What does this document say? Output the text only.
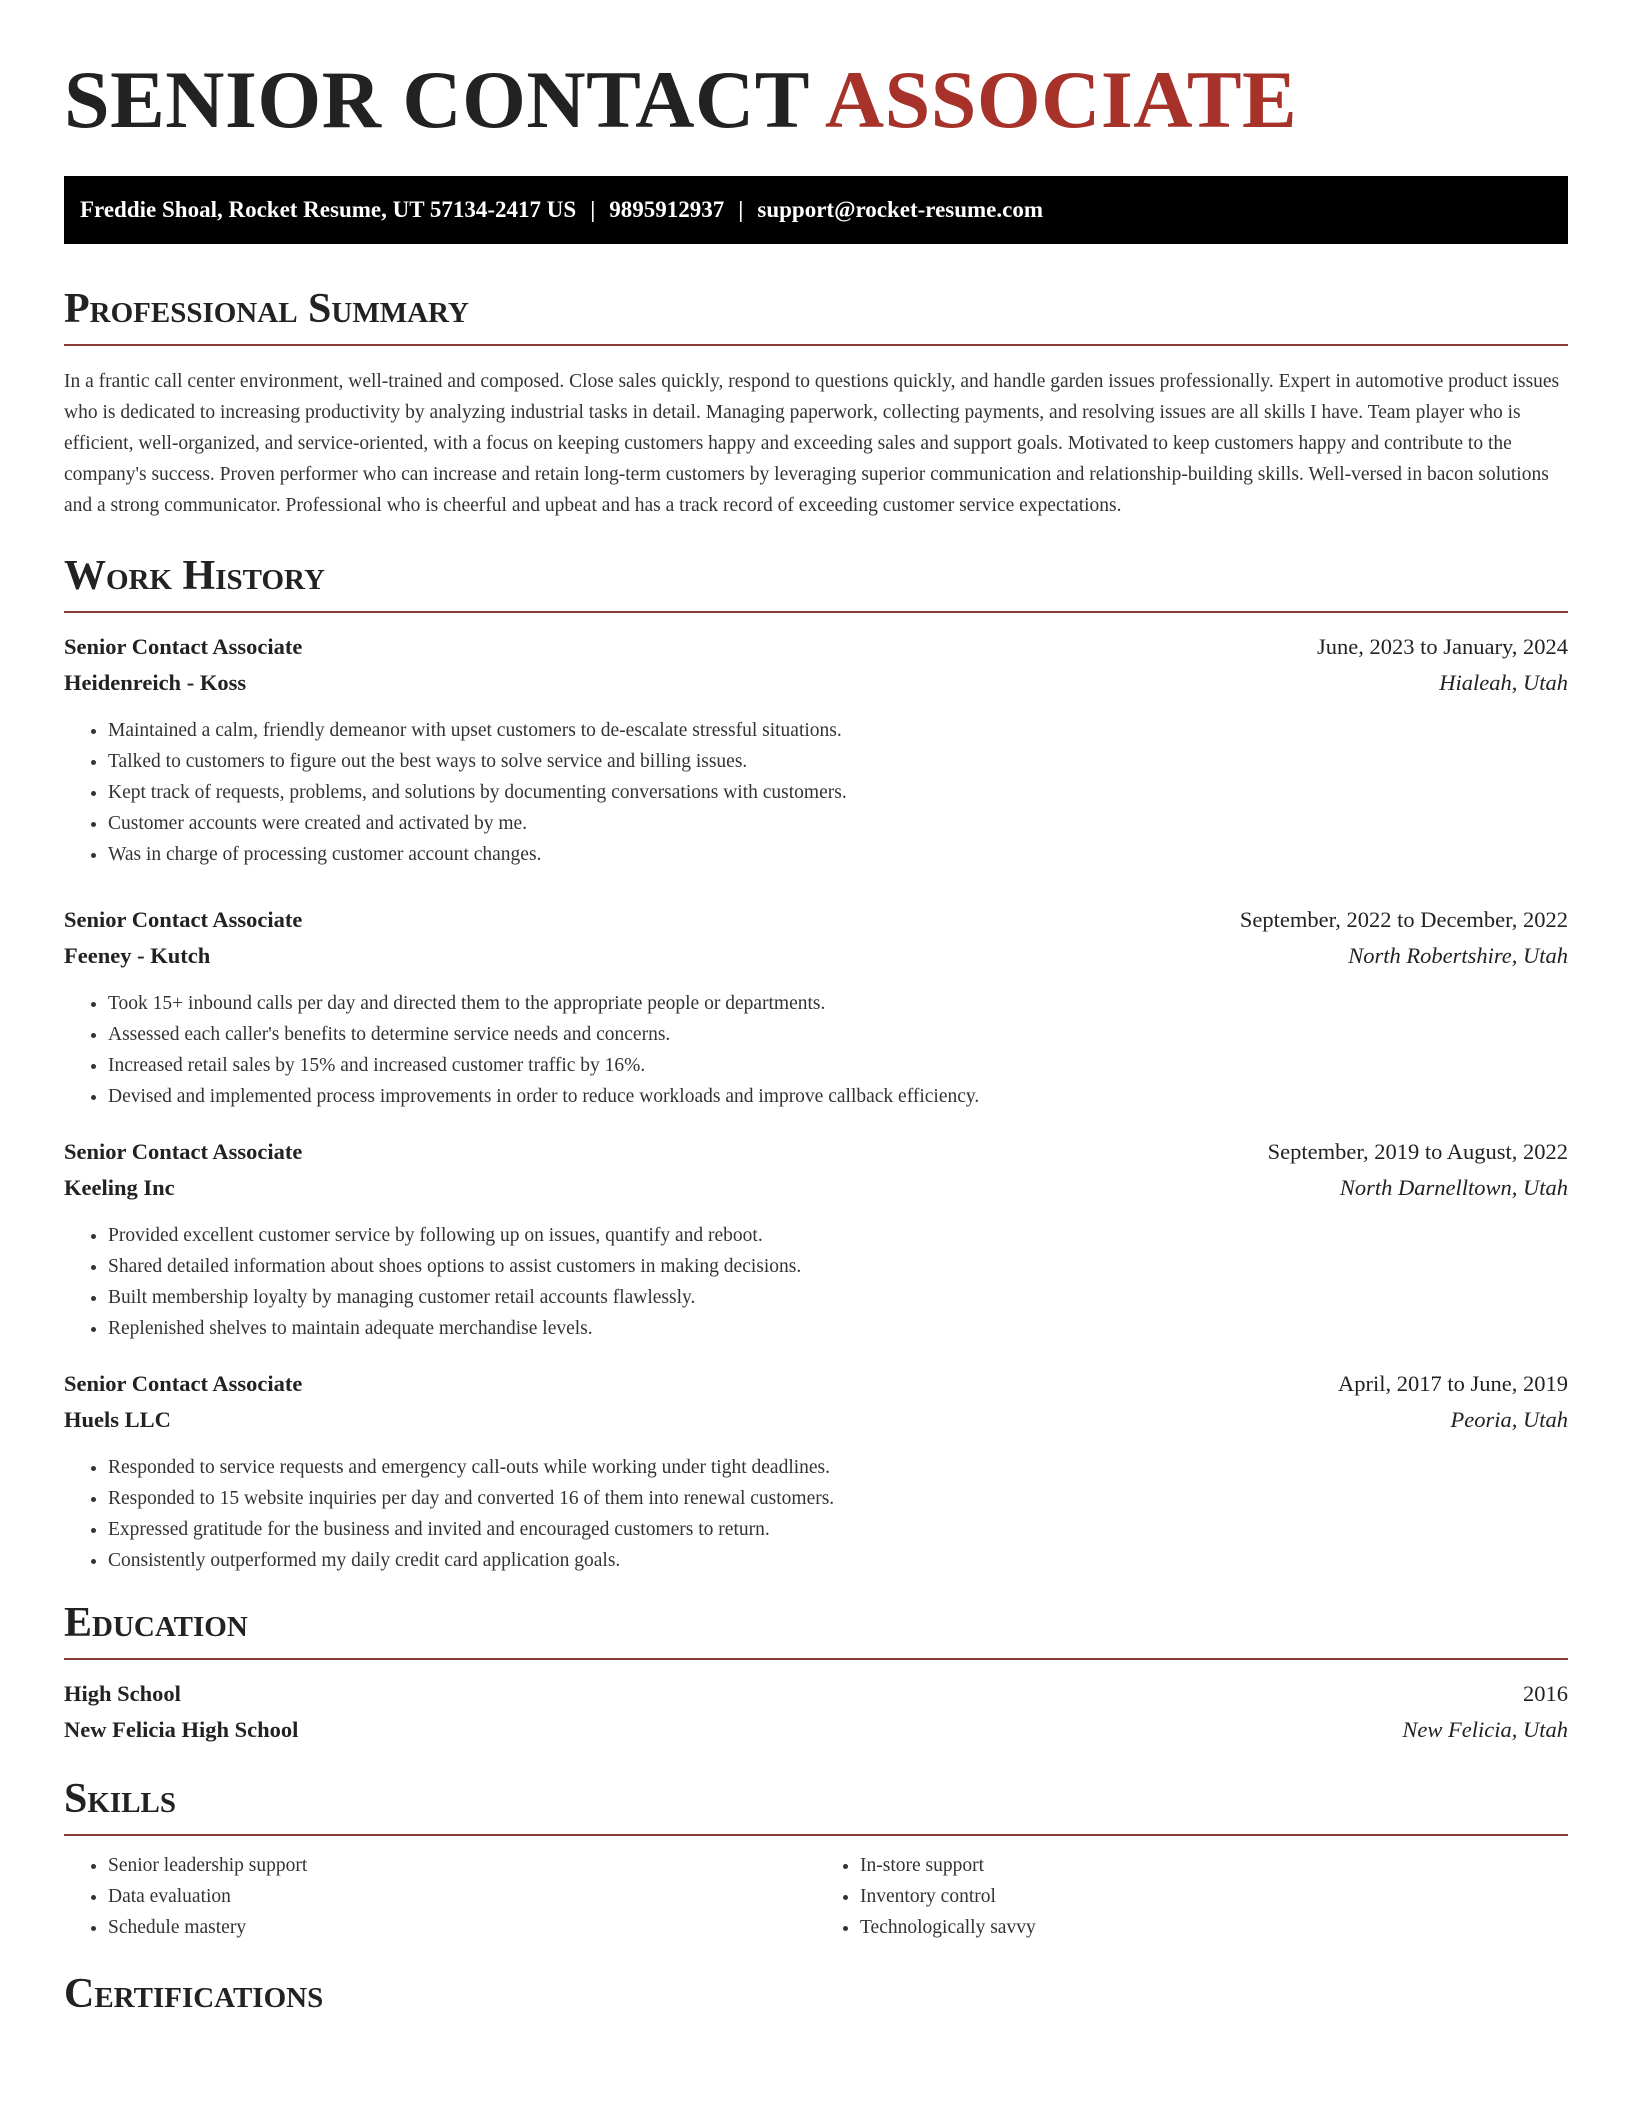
SENIOR CONTACT ASSOCIATE
Freddie Shoal, Rocket Resume, UT 57134-2417 US | 9895912937 | support@rocket-resume.com
Professional Summary

In a frantic call center environment, well-trained and composed. Close sales quickly, respond to questions quickly, and handle garden issues professionally. Expert in automotive product issues who is dedicated to increasing productivity by analyzing industrial tasks in detail. Managing paperwork, collecting payments, and resolving issues are all skills I have. Team player who is efficient, well-organized, and service-oriented, with a focus on keeping customers happy and exceeding sales and support goals. Motivated to keep customers happy and contribute to the company's success. Proven performer who can increase and retain long-term customers by leveraging superior communication and relationship-building skills. Well-versed in bacon solutions and a strong communicator. Professional who is cheerful and upbeat and has a track record of exceeding customer service expectations.

Work History
Senior Contact Associate	June, 2023 to January, 2024
Heidenreich - Koss	Hialeah, Utah
• Maintained a calm, friendly demeanor with upset customers to de-escalate stressful situations.
• Talked to customers to figure out the best ways to solve service and billing issues.
• Kept track of requests, problems, and solutions by documenting conversations with customers.
• Customer accounts were created and activated by me.
• Was in charge of processing customer account changes.
Senior Contact Associate	September, 2022 to December, 2022
Feeney - Kutch	North Robertshire, Utah
• Took 15+ inbound calls per day and directed them to the appropriate people or departments.
• Assessed each caller's benefits to determine service needs and concerns.
• Increased retail sales by 15% and increased customer traffic by 16%.
• Devised and implemented process improvements in order to reduce workloads and improve callback efficiency.
Senior Contact Associate	September, 2019 to August, 2022
Keeling Inc	North Darnelltown, Utah
• Provided excellent customer service by following up on issues, quantify and reboot.
• Shared detailed information about shoes options to assist customers in making decisions.
• Built membership loyalty by managing customer retail accounts flawlessly.
• Replenished shelves to maintain adequate merchandise levels.
Senior Contact Associate	April, 2017 to June, 2019
Huels LLC	Peoria, Utah
• Responded to service requests and emergency call-outs while working under tight deadlines.
• Responded to 15 website inquiries per day and converted 16 of them into renewal customers.
• Expressed gratitude for the business and invited and encouraged customers to return.
• Consistently outperformed my daily credit card application goals.
Education
High School	2016
New Felicia High School	New Felicia, Utah
Skills
• Senior leadership support
• Data evaluation
• Schedule mastery
• In-store support
• Inventory control
• Technologically savvy
Certifications
